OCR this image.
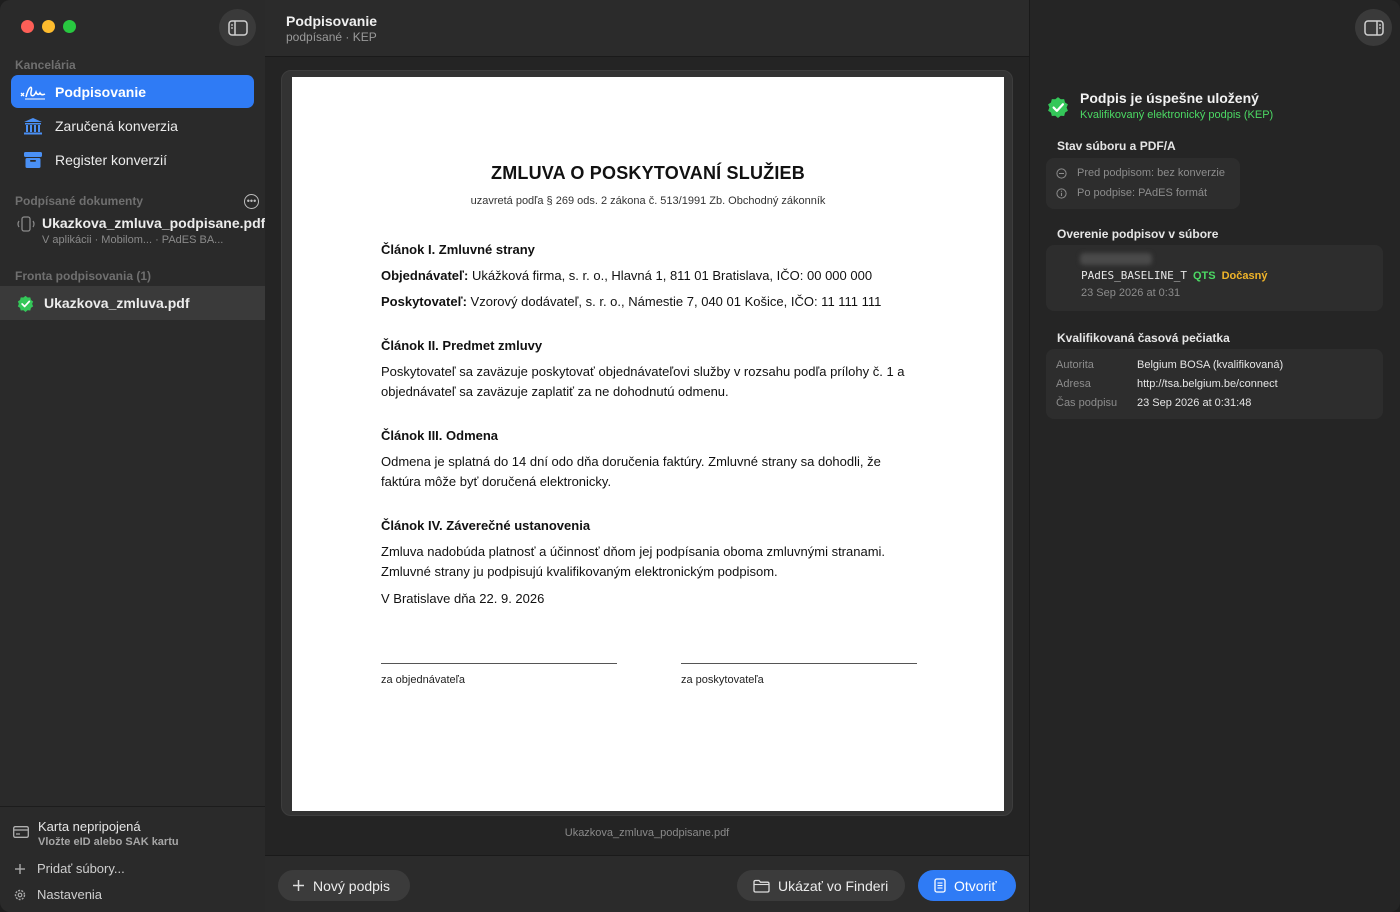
Kancelária
Podpisovanie
Zaručená konverzia
Register konverzií
Podpísané dokumenty	•••
Ukazkova_zmluva_podpisane.pdf
V aplikácii · Mobilom... · PAdES BA...
Fronta podpisovania (1)
Ukazkova_zmluva.pdf
Karta nepripojená
Vložte eID alebo SAK kartu
Pridať súbory...
Nastavenia
Podpisovanie
podpísané · KEP
ZMLUVA O POSKYTOVANÍ SLUŽIEB
uzavretá podľa § 269 ods. 2 zákona č. 513/1991 Zb. Obchodný zákonník
Článok I. Zmluvné strany
Objednávateľ: Ukážková firma, s. r. o., Hlavná 1, 811 01 Bratislava, IČO: 00 000 000
Poskytovateľ: Vzorový dodávateľ, s. r. o., Námestie 7, 040 01 Košice, IČO: 11 111 111
Článok II. Predmet zmluvy
Poskytovateľ sa zaväzuje poskytovať objednávateľovi služby v rozsahu podľa prílohy č. 1 a
objednávateľ sa zaväzuje zaplatiť za ne dohodnutú odmenu.
Článok III. Odmena
Odmena je splatná do 14 dní odo dňa doručenia faktúry. Zmluvné strany sa dohodli, že
faktúra môže byť doručená elektronicky.
Článok IV. Záverečné ustanovenia
Zmluva nadobúda platnosť a účinnosť dňom jej podpísania oboma zmluvnými stranami.
Zmluvné strany ju podpisujú kvalifikovaným elektronickým podpisom.
V Bratislave dňa 22. 9. 2026
za objednávateľa	za poskytovateľa
Ukazkova_zmluva_podpisane.pdf
Nový podpis	Ukázať vo Finderi	Otvoriť
Podpis je úspešne uložený
Kvalifikovaný elektronický podpis (KEP)
Stav súboru a PDF/A
Pred podpisom: bez konverzie
Po podpise: PAdES formát
Overenie podpisov v súbore
PAdES_BASELINE_T QTS Dočasný
23 Sep 2026 at 0:31
Kvalifikovaná časová pečiatka
Autorita	Belgium BOSA (kvalifikovaná)
Adresa	http://tsa.belgium.be/connect
Čas podpisu 23 Sep 2026 at 0:31:48
